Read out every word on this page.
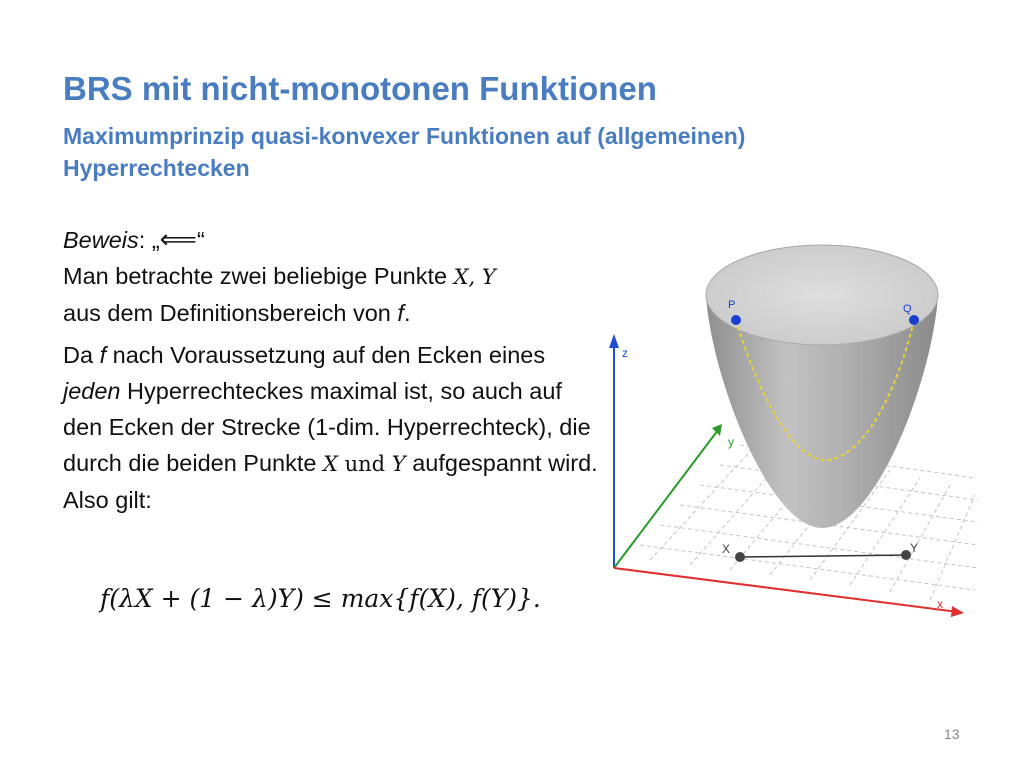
BRS mit nicht-monotonen Funktionen
Maximumprinzip quasi-konvexer Funktionen auf (allgemeinen) Hyperrechtecken

Beweis: „⟸“

Man betrachte zwei beliebige Punkte X, Y
aus dem Definitionsbereich von f.

Da f nach Voraussetzung auf den Ecken eines jeden Hyperrechteckes maximal ist, so auch auf den Ecken der Strecke (1-dim. Hyperrechteck), die durch die beiden Punkte X und Y aufgespannt wird. Also gilt:

f(λX + (1 − λ)Y) ≤ max{f(X), f(Y)}.
z
y
x
P	Q
X	Y
13
